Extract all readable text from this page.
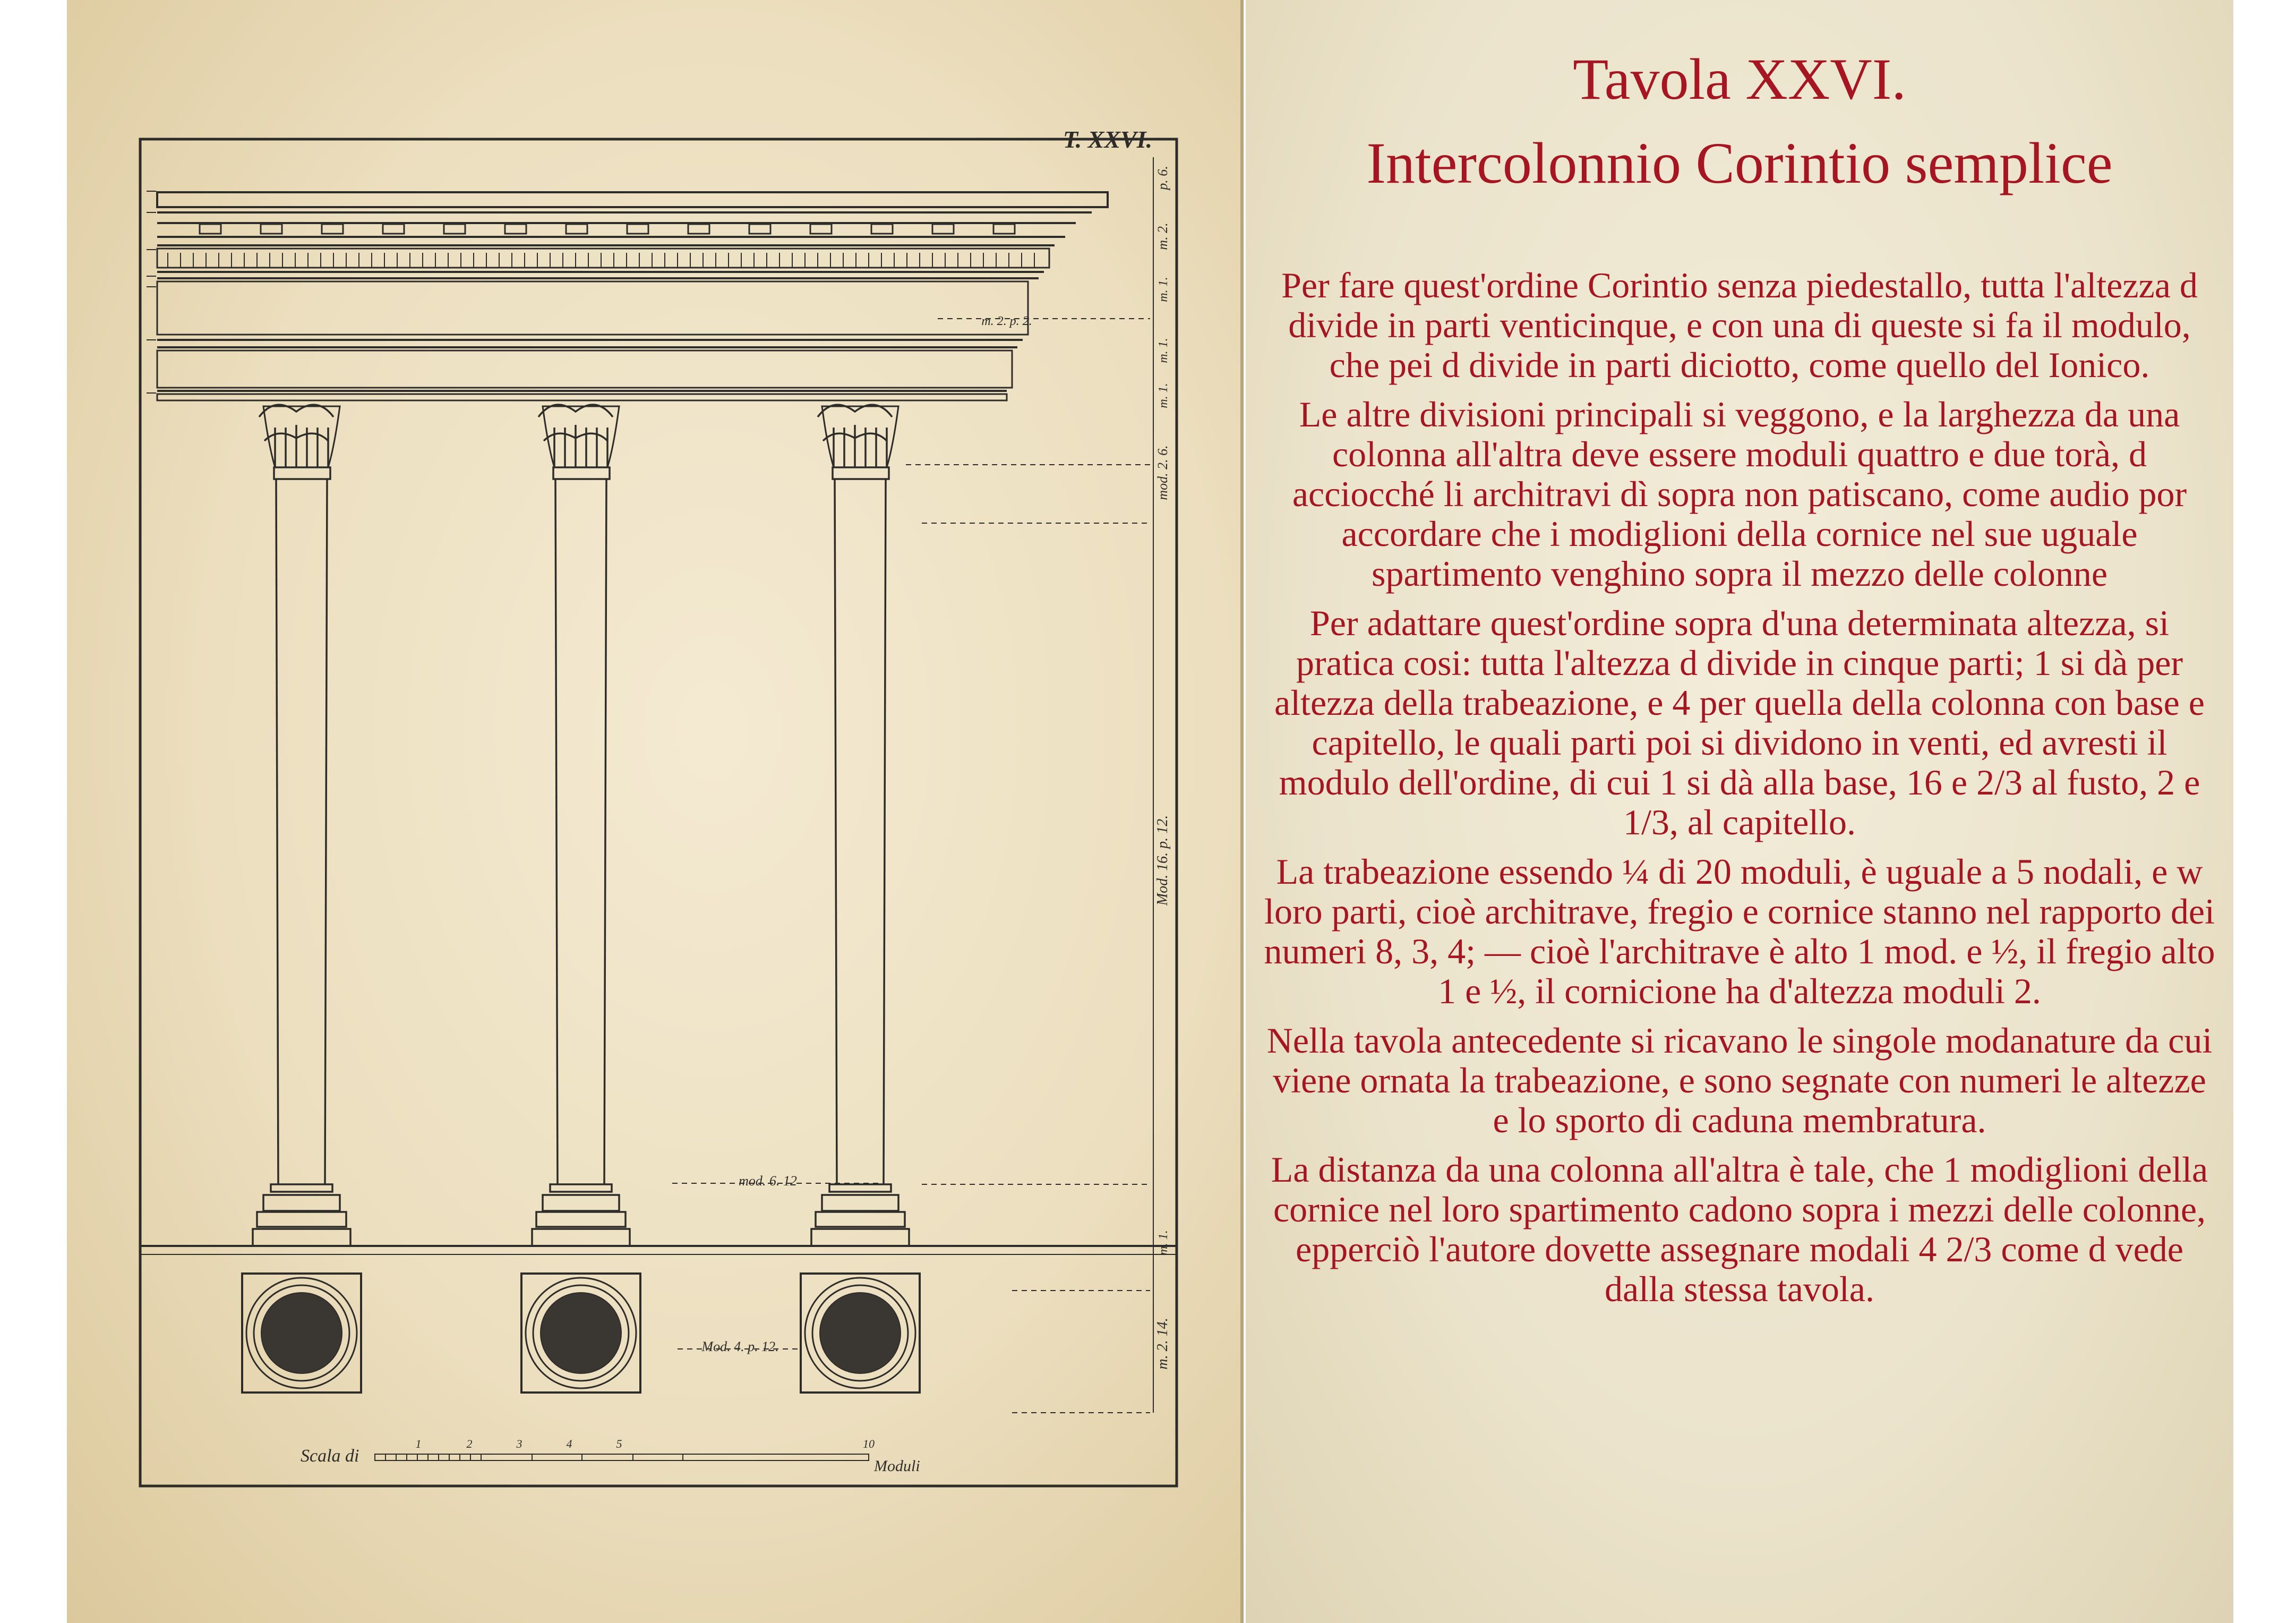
T. XXVI.
m. 2. p. 2.
mod. 6. 12
Mod. 4. p. 12.
Mod. 16. p. 12.
m. 2. 14.
mod. 2. 6.
p. 6.
m. 2.
m. 1.
m. 1.
m. 1.
m. 1.
Scala di
Moduli
1	2	3	4	5	10
Tavola XXVI.
Intercolonnio Corintio semplice

Per fare quest'ordine Corintio senza piedestallo, tutta l'altezza d divide in parti venticinque, e con una di queste si fa il modulo, che pei d divide in parti diciotto, come quello del Ionico.

Le altre divisioni principali si veggono, e la larghezza da una colonna all'altra deve essere moduli quattro e due torà, d acciocché li architravi dì sopra non patiscano, come audio por accordare che i modiglioni della cornice nel sue uguale spartimento venghino sopra il mezzo delle colonne

Per adattare quest'ordine sopra d'una determinata altezza, si pratica cosi: tutta l'altezza d divide in cinque parti; 1 si dà per altezza della trabeazione, e 4 per quella della colonna con base e capitello, le quali parti poi si dividono in venti, ed avresti il modulo dell'ordine, di cui 1 si dà alla base, 16 e 2/3 al fusto, 2 e 1/3, al capitello.

La trabeazione essendo ¼ di 20 moduli, è uguale a 5 nodali, e w loro parti, cioè architrave, fregio e cornice stanno nel rapporto dei numeri 8, 3, 4; — cioè l'architrave è alto 1 mod. e ½, il fregio alto 1 e ½, il cornicione ha d'altezza moduli 2.

Nella tavola antecedente si ricavano le singole modanature da cui viene ornata la trabeazione, e sono segnate con numeri le altezze e lo sporto di caduna membratura.

La distanza da una colonna all'altra è tale, che 1 modiglioni della cornice nel loro spartimento cadono sopra i mezzi delle colonne, epperciò l'autore dovette assegnare modali 4 2/3 come d vede dalla stessa tavola.
